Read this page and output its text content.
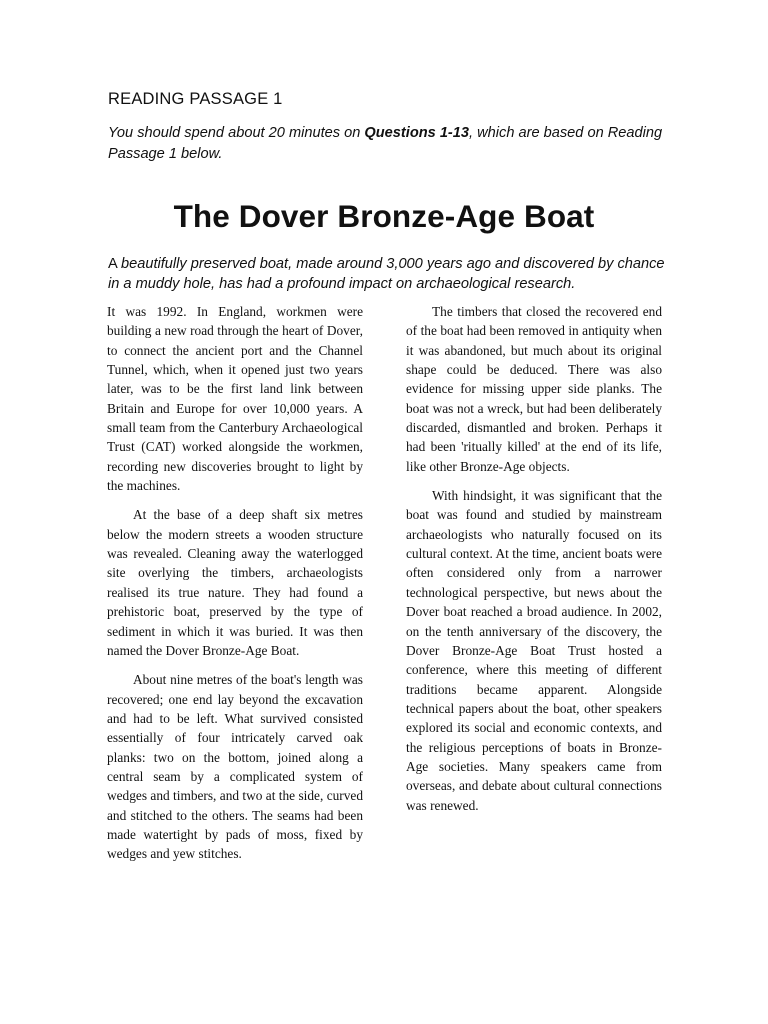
READING PASSAGE 1
You should spend about 20 minutes on Questions 1-13, which are based on Reading Passage 1 below.
The Dover Bronze-Age Boat
A beautifully preserved boat, made around 3,000 years ago and discovered by chance in a muddy hole, has had a profound impact on archaeological research.

It was 1992. In England, workmen were building a new road through the heart of Dover, to connect the ancient port and the Channel Tunnel, which, when it opened just two years later, was to be the first land link between Britain and Europe for over 10,000 years. A small team from the Canterbury Archaeological Trust (CAT) worked alongside the workmen, recording new discoveries brought to light by the machines.

At the base of a deep shaft six metres below the modern streets a wooden structure was revealed. Cleaning away the waterlogged site overlying the timbers, archaeologists realised its true nature. They had found a prehistoric boat, preserved by the type of sediment in which it was buried. It was then named the Dover Bronze-Age Boat.

About nine metres of the boat's length was recovered; one end lay beyond the excavation and had to be left. What survived consisted essentially of four intricately carved oak planks: two on the bottom, joined along a central seam by a complicated system of wedges and timbers, and two at the side, curved and stitched to the others. The seams had been made watertight by pads of moss, fixed by wedges and yew stitches.

The timbers that closed the recovered end of the boat had been removed in antiquity when it was abandoned, but much about its original shape could be deduced. There was also evidence for missing upper side planks. The boat was not a wreck, but had been deliberately discarded, dismantled and broken. Perhaps it had been 'ritually killed' at the end of its life, like other Bronze-Age objects.

With hindsight, it was significant that the boat was found and studied by mainstream archaeologists who naturally focused on its cultural context. At the time, ancient boats were often considered only from a narrower technological perspective, but news about the Dover boat reached a broad audience. In 2002, on the tenth anniversary of the discovery, the Dover Bronze-Age Boat Trust hosted a conference, where this meeting of different traditions became apparent. Alongside technical papers about the boat, other speakers explored its social and economic contexts, and the religious perceptions of boats in Bronze-Age societies. Many speakers came from overseas, and debate about cultural connections was renewed.
